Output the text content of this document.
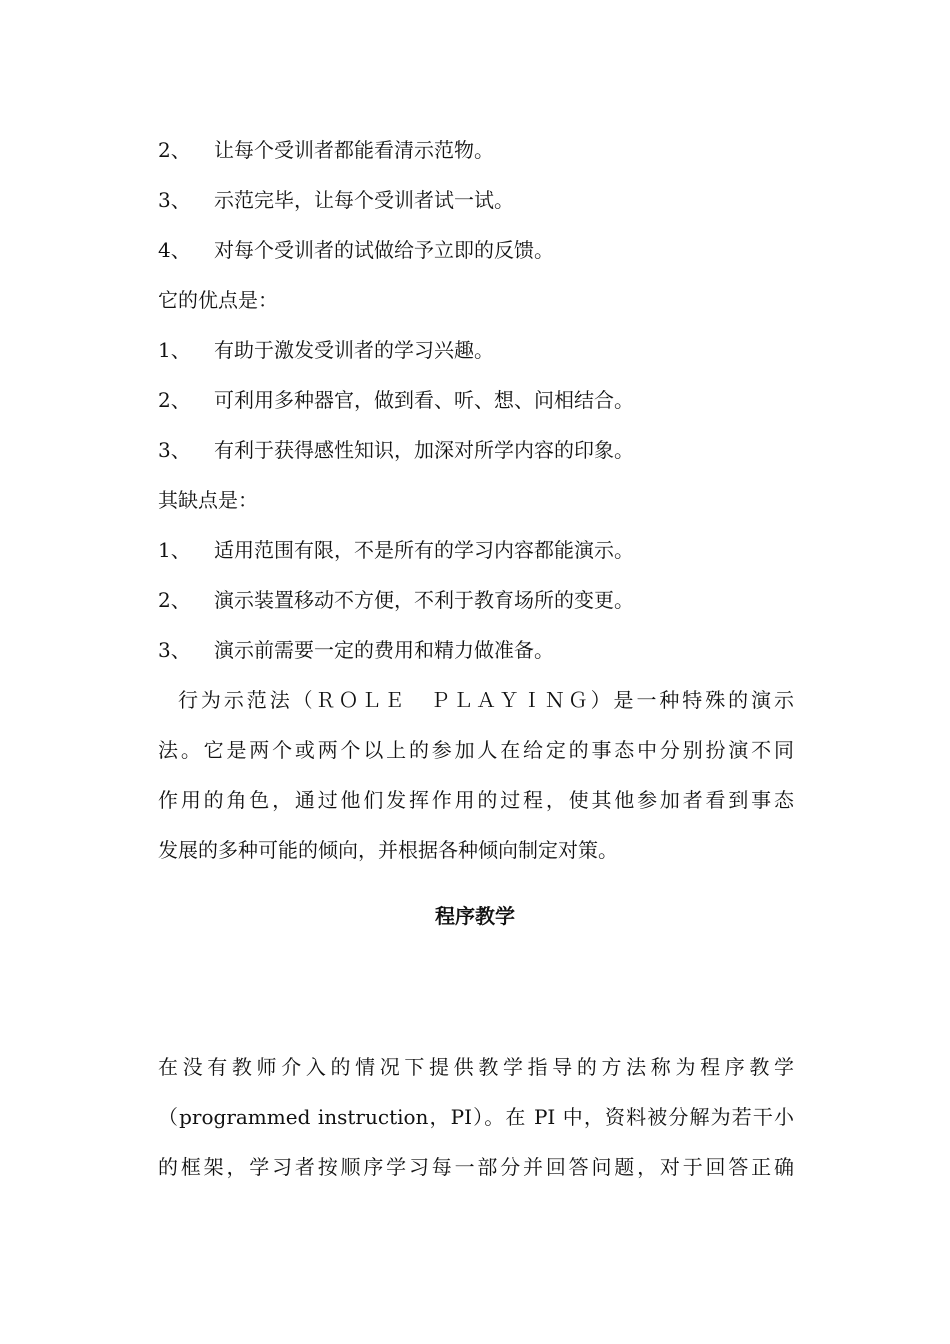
2、 让每个受训者都能看清示范物。
3、 示范完毕，让每个受训者试一试。
4、 对每个受训者的试做给予立即的反馈。
它的优点是：
1、 有助于激发受训者的学习兴趣。
2、 可利用多种器官，做到看、听、想、问相结合。
3、 有利于获得感性知识，加深对所学内容的印象。
其缺点是：
1、 适用范围有限，不是所有的学习内容都能演示。
2、 演示装置移动不方便，不利于教育场所的变更。
3、 演示前需要一定的费用和精力做准备。
行为示范法（ＲＯＬＥ　ＰＬＡＹＩＮＧ）是一种特殊的演示
法。它是两个或两个以上的参加人在给定的事态中分别扮演不同
作用的角色，通过他们发挥作用的过程，使其他参加者看到事态
发展的多种可能的倾向，并根据各种倾向制定对策。
程序教学
在没有教师介入的情况下提供教学指导的方法称为程序教学
（programmed instruction，PI）。在 PI 中，资料被分解为若干小
的框架，学习者按顺序学习每一部分并回答问题，对于回答正确
